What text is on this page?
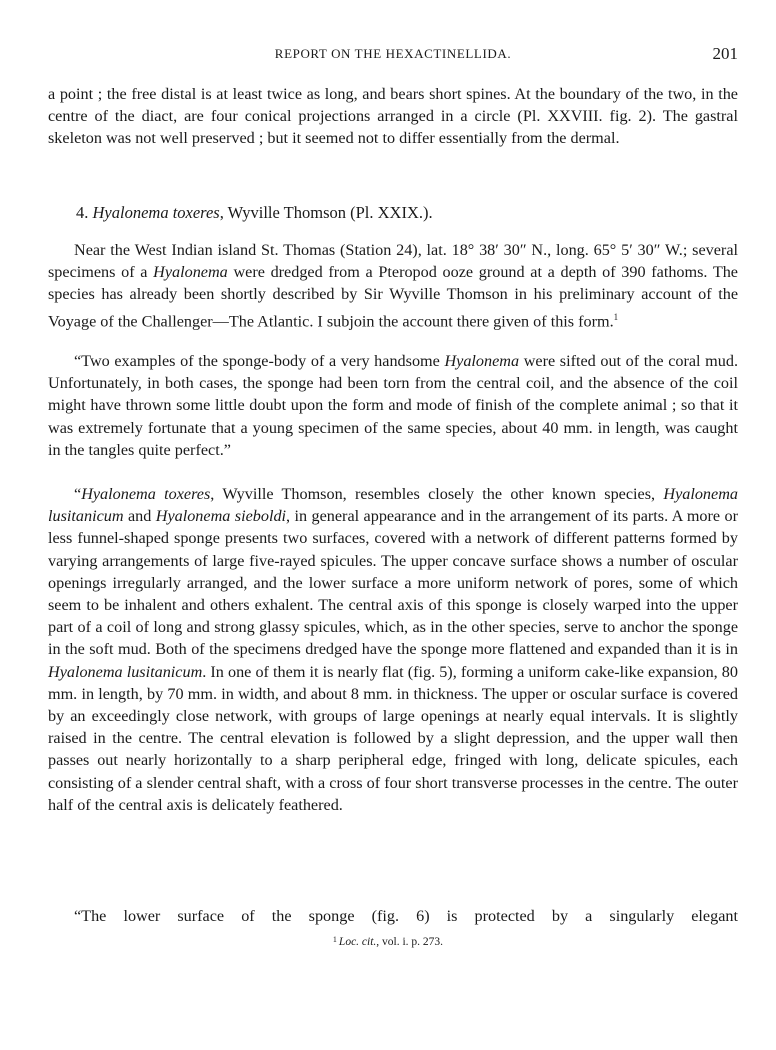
REPORT ON THE HEXACTINELLIDA.	201

a point ; the free distal is at least twice as long, and bears short spines. At the boundary of the two, in the centre of the diact, are four conical projections arranged in a circle (Pl. XXVIII. fig. 2). The gastral skeleton was not well preserved ; but it seemed not to differ essentially from the dermal.

4. Hyalonema toxeres, Wyville Thomson (Pl. XXIX.).

Near the West Indian island St. Thomas (Station 24), lat. 18° 38′ 30″ N., long. 65° 5′ 30″ W.; several specimens of a Hyalonema were dredged from a Pteropod ooze ground at a depth of 390 fathoms. The species has already been shortly described by Sir Wyville Thomson in his preliminary account of the Voyage of the Challenger—The Atlantic. I subjoin the account there given of this form.$^1$

“Two examples of the sponge-body of a very handsome Hyalonema were sifted out of the coral mud. Unfortunately, in both cases, the sponge had been torn from the central coil, and the absence of the coil might have thrown some little doubt upon the form and mode of finish of the complete animal ; so that it was extremely fortunate that a young specimen of the same species, about 40 mm. in length, was caught in the tangles quite perfect.”

“Hyalonema toxeres, Wyville Thomson, resembles closely the other known species, Hyalonema lusitanicum and Hyalonema sieboldi, in general appearance and in the arrangement of its parts. A more or less funnel-shaped sponge presents two surfaces, covered with a network of different patterns formed by varying arrangements of large five-rayed spicules. The upper concave surface shows a number of oscular openings irregularly arranged, and the lower surface a more uniform network of pores, some of which seem to be inhalent and others exhalent. The central axis of this sponge is closely warped into the upper part of a coil of long and strong glassy spicules, which, as in the other species, serve to anchor the sponge in the soft mud. Both of the specimens dredged have the sponge more flattened and expanded than it is in Hyalonema lusitanicum. In one of them it is nearly flat (fig. 5), forming a uniform cake-like expansion, 80 mm. in length, by 70 mm. in width, and about 8 mm. in thickness. The upper or oscular surface is covered by an exceedingly close network, with groups of large openings at nearly equal intervals. It is slightly raised in the centre. The central elevation is followed by a slight depression, and the upper wall then passes out nearly horizontally to a sharp peripheral edge, fringed with long, delicate spicules, each consisting of a slender central shaft, with a cross of four short transverse processes in the centre. The outer half of the central axis is delicately feathered.

“The lower surface of the sponge (fig. 6) is protected by a singularly elegant

$^1$ Loc. cit., vol. i. p. 273.
